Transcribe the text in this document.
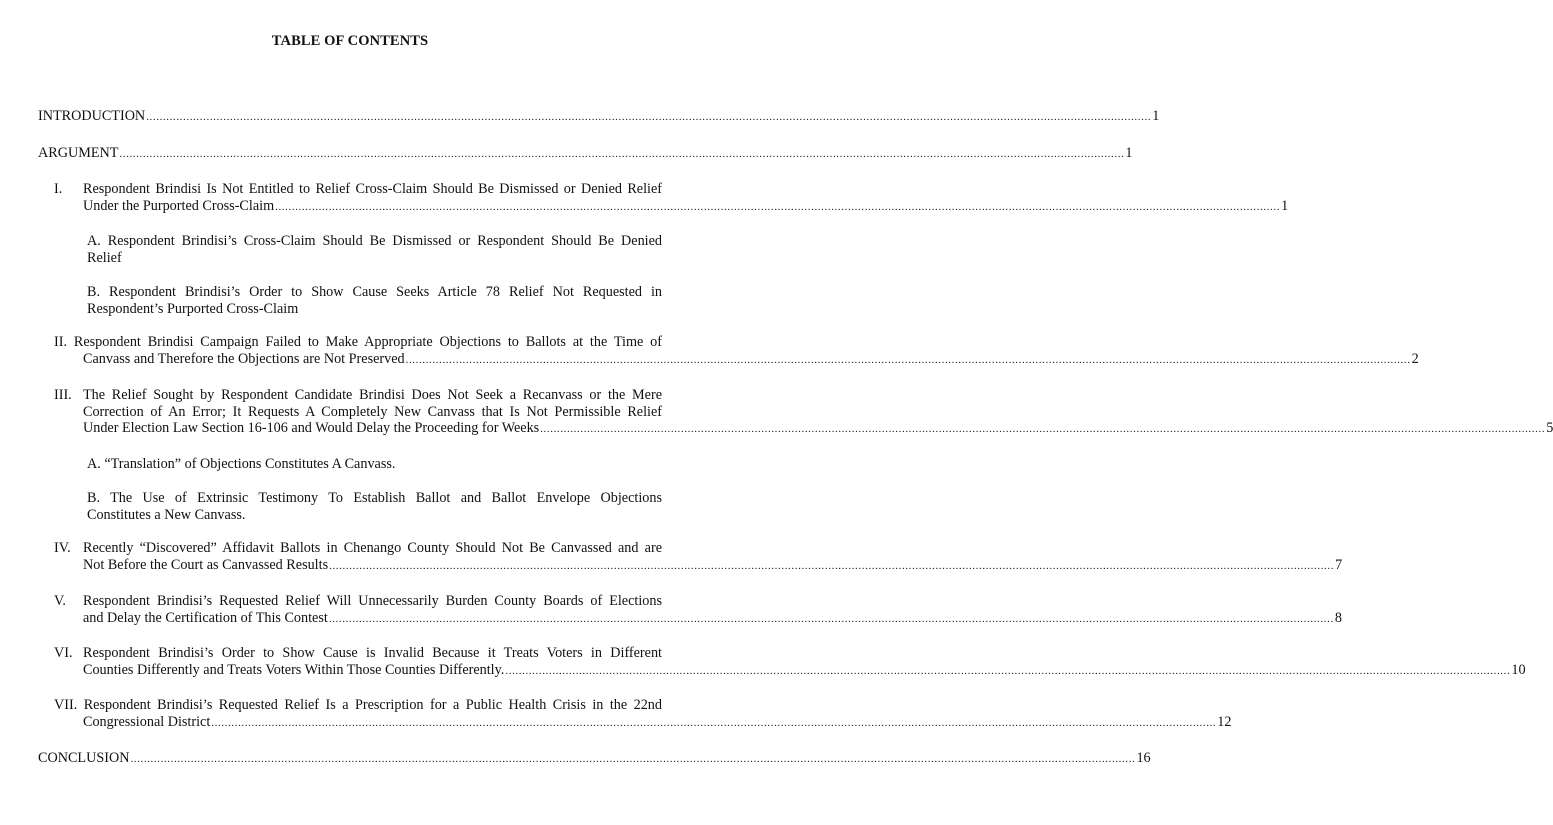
TABLE OF CONTENTS
INTRODUCTION ............................................................................................................................................................................................................................................................................................................ 1
ARGUMENT ............................................................................................................................................................................................................................................................................................................ 1
I. Respondent Brindisi Is Not Entitled to Relief Cross-Claim Should Be Dismissed or Denied Relief
Under the Purported Cross-Claim ............................................................................................................................................................................................................................................................................................................ 1
A. Respondent Brindisi’s Cross-Claim Should Be Dismissed or Respondent Should Be Denied
Relief
B. Respondent Brindisi’s Order to Show Cause Seeks Article 78 Relief Not Requested in
Respondent’s Purported Cross-Claim
II. Respondent Brindisi Campaign Failed to Make Appropriate Objections to Ballots at the Time of
Canvass and Therefore the Objections are Not Preserved ............................................................................................................................................................................................................................................................................................................ 2
III. The Relief Sought by Respondent Candidate Brindisi Does Not Seek a Recanvass or the Mere
Correction of An Error; It Requests A Completely New Canvass that Is Not Permissible Relief
Under Election Law Section 16-106 and Would Delay the Proceeding for Weeks ............................................................................................................................................................................................................................................................................................................ 5
A. “Translation” of Objections Constitutes A Canvass.
B. The Use of Extrinsic Testimony To Establish Ballot and Ballot Envelope Objections
Constitutes a New Canvass.
IV. Recently “Discovered” Affidavit Ballots in Chenango County Should Not Be Canvassed and are
Not Before the Court as Canvassed Results ............................................................................................................................................................................................................................................................................................................ 7
V. Respondent Brindisi’s Requested Relief Will Unnecessarily Burden County Boards of Elections
and Delay the Certification of This Contest ............................................................................................................................................................................................................................................................................................................ 8
VI. Respondent Brindisi’s Order to Show Cause is Invalid Because it Treats Voters in Different
Counties Differently and Treats Voters Within Those Counties Differently. ............................................................................................................................................................................................................................................................................................................ 10
VII. Respondent Brindisi’s Requested Relief Is a Prescription for a Public Health Crisis in the 22nd
Congressional District ............................................................................................................................................................................................................................................................................................................ 12
CONCLUSION ............................................................................................................................................................................................................................................................................................................ 16
